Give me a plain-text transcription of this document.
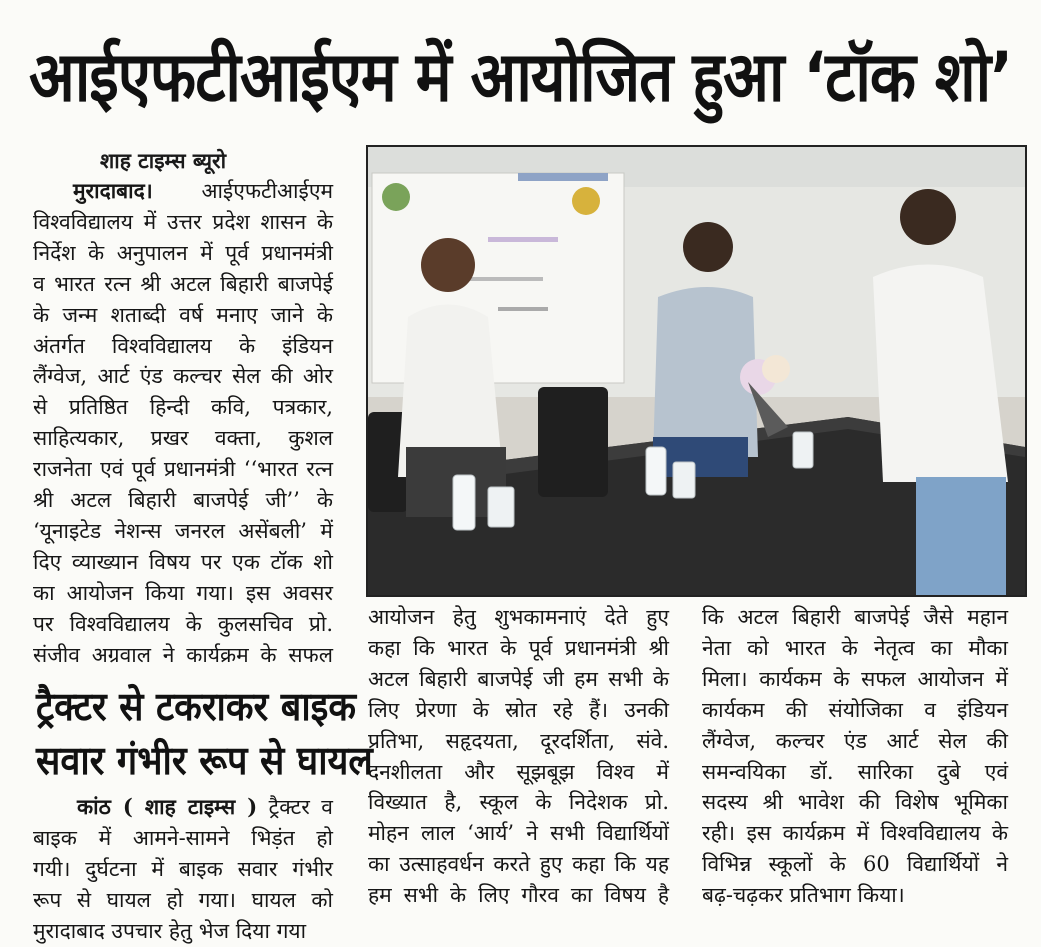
आईएफटीआईएम में आयोजित हुआ ‘टॉक शो’
शाह टाइम्स ब्यूरो

मुरादाबाद। आईएफटीआईएम

विश्वविद्यालय में उत्तर प्रदेश शासन के

निर्देश के अनुपालन में पूर्व प्रधानमंत्री

व भारत रत्न श्री अटल बिहारी बाजपेई

के जन्म शताब्दी वर्ष मनाए जाने के

अंतर्गत विश्वविद्यालय के इंडियन

लैंग्वेज, आर्ट एंड कल्चर सेल की ओर

से प्रतिष्ठित हिन्दी कवि, पत्रकार,

साहित्यकार, प्रखर वक्ता, कुशल

राजनेता एवं पूर्व प्रधानमंत्री ‘‘भारत रत्न

श्री अटल बिहारी बाजपेई जी’’ के

‘यूनाइटेड नेशन्स जनरल असेंबली’ में

दिए व्याख्यान विषय पर एक टॉक शो

का आयोजन किया गया। इस अवसर

पर विश्वविद्यालय के कुलसचिव प्रो.

संजीव अग्रवाल ने कार्यक्रम के सफल

आयोजन हेतु शुभकामनाएं देते हुए

कहा कि भारत के पूर्व प्रधानमंत्री श्री

अटल बिहारी बाजपेई जी हम सभी के

लिए प्रेरणा के स्रोत रहे हैं। उनकी

प्रतिभा, सहृदयता, दूरदर्शिता, संवे.

दनशीलता और सूझबूझ विश्व में

विख्यात है, स्कूल के निदेशक प्रो.

मोहन लाल ‘आर्य’ ने सभी विद्यार्थियों

का उत्साहवर्धन करते हुए कहा कि यह

हम सभी के लिए गौरव का विषय है

कि अटल बिहारी बाजपेई जैसे महान

नेता को भारत के नेतृत्व का मौका

मिला। कार्यकम के सफल आयोजन में

कार्यकम की संयोजिका व इंडियन

लैंग्वेज, कल्चर एंड आर्ट सेल की

समन्वयिका डॉ. सारिका दुबे एवं

सदस्य श्री भावेश की विशेष भूमिका

रही। इस कार्यक्रम में विश्वविद्यालय के

विभिन्न स्कूलों के 60 विद्यार्थियों ने

बढ़-चढ़कर प्रतिभाग किया।

ट्रैक्टर से टकराकर बाइक
सवार गंभीर रूप से घायल

कांठ ( शाह टाइम्स ) ट्रैक्टर व

बाइक में आमने-सामने भिड़ंत हो

गयी। दुर्घटना में बाइक सवार गंभीर

रूप से घायल हो गया। घायल को

मुरादाबाद उपचार हेतु भेज दिया गया
